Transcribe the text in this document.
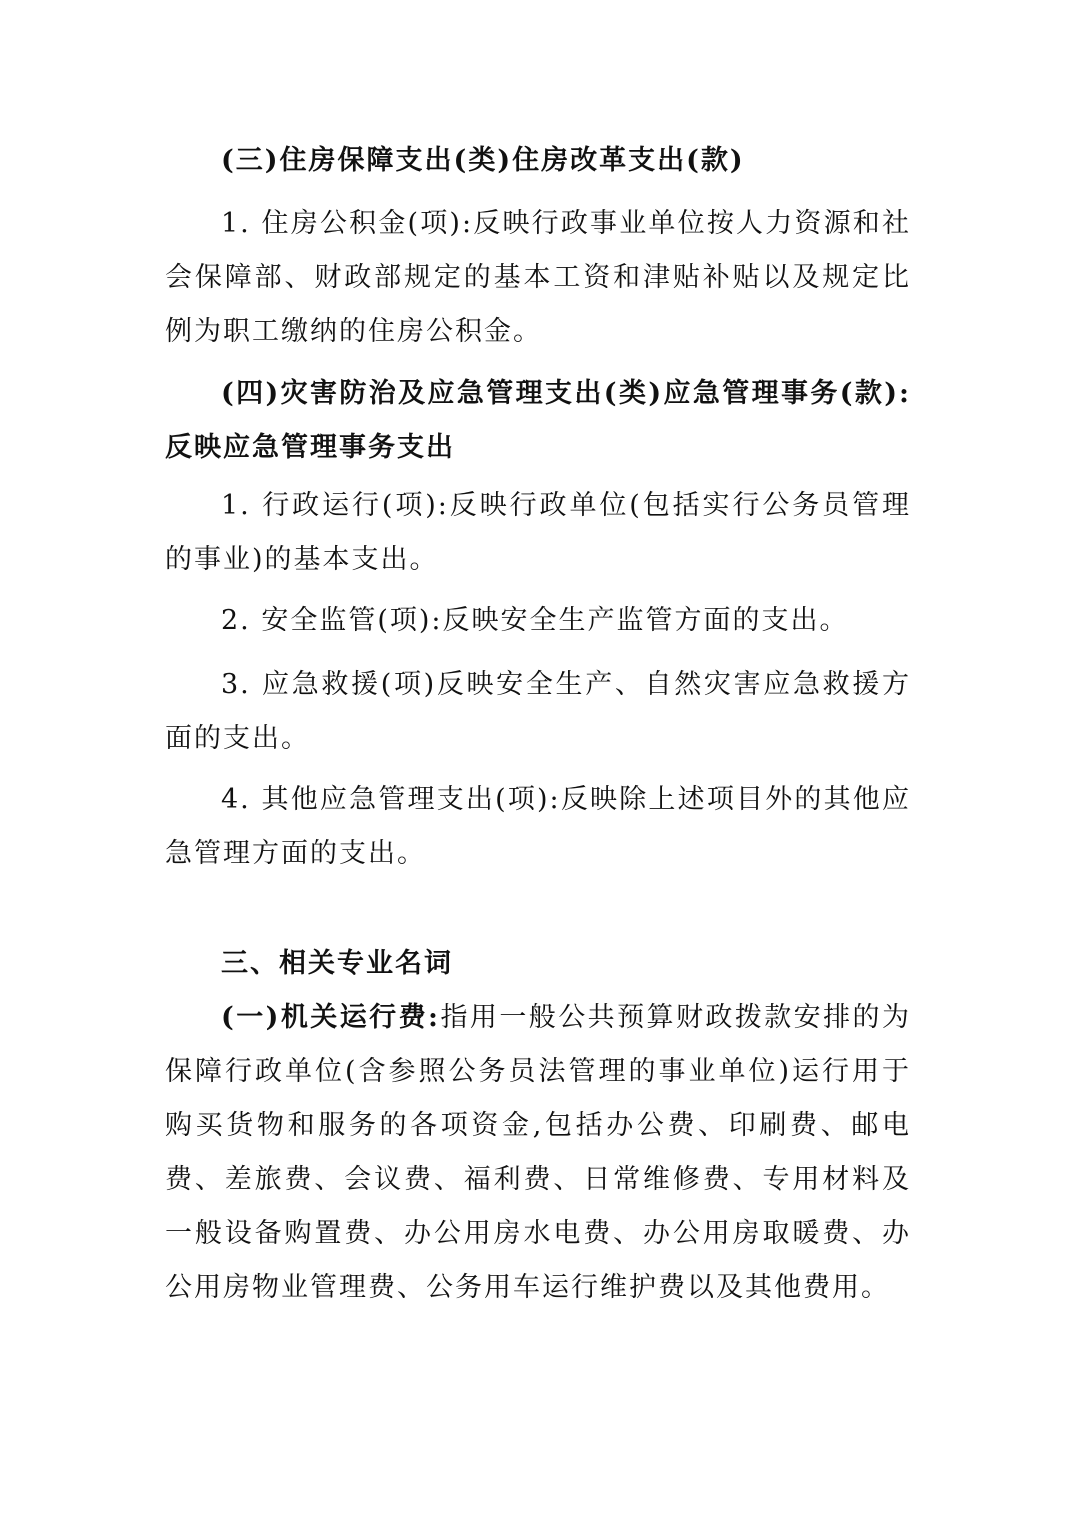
(三)住房保障支出(类)住房改革支出(款)

1. 住房公积金(项):反映行政事业单位按人力资源和社会保障部、财政部规定的基本工资和津贴补贴以及规定比例为职工缴纳的住房公积金。

(四)灾害防治及应急管理支出(类)应急管理事务(款):反映应急管理事务支出

1. 行政运行(项):反映行政单位(包括实行公务员管理的事业)的基本支出。

2. 安全监管(项):反映安全生产监管方面的支出。

3. 应急救援(项)反映安全生产、自然灾害应急救援方面的支出。

4. 其他应急管理支出(项):反映除上述项目外的其他应急管理方面的支出。

三、相关专业名词

(一)机关运行费:指用一般公共预算财政拨款安排的为保障行政单位(含参照公务员法管理的事业单位)运行用于购买货物和服务的各项资金,包括办公费、印刷费、邮电费、差旅费、会议费、福利费、日常维修费、专用材料及一般设备购置费、办公用房水电费、办公用房取暖费、办公用房物业管理费、公务用车运行维护费以及其他费用。
